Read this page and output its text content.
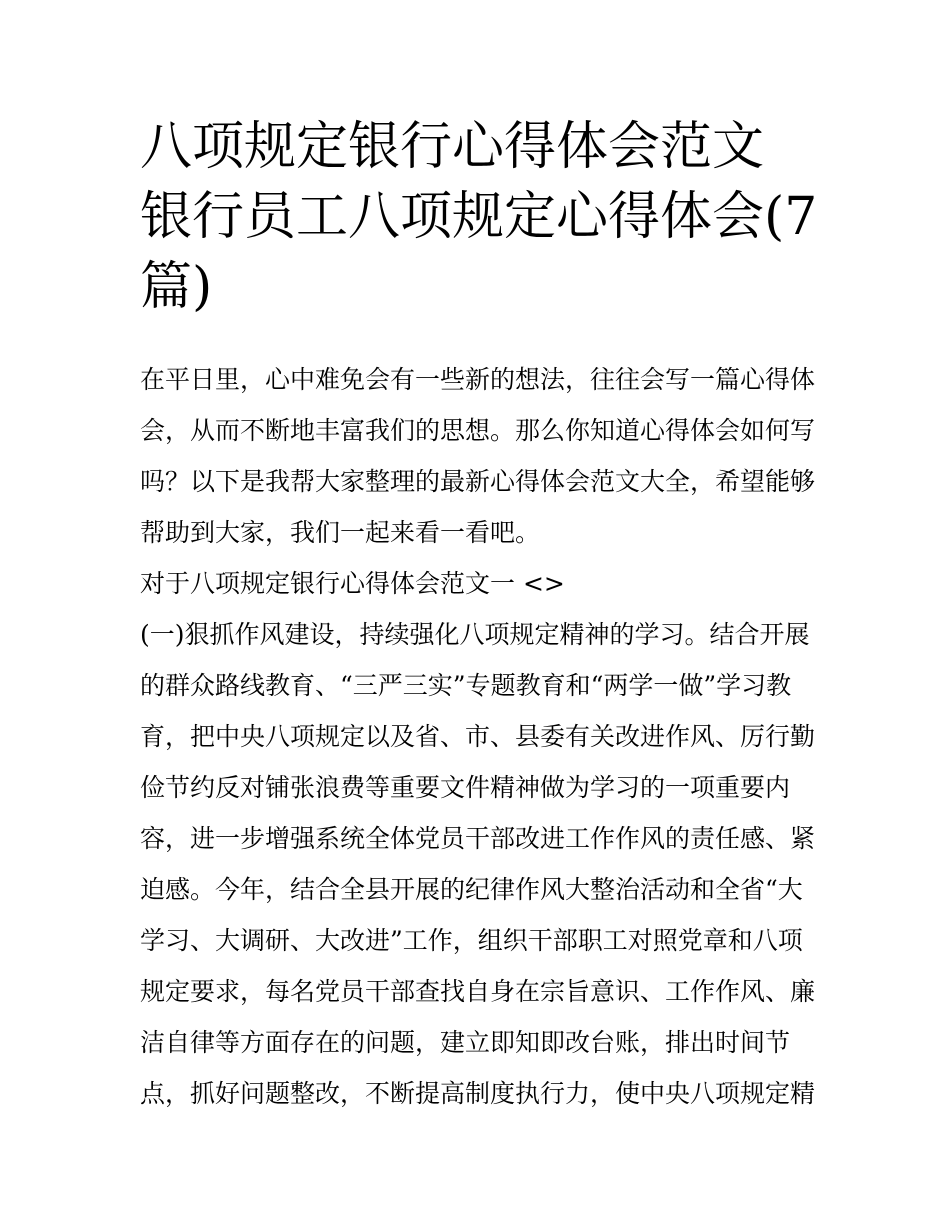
八项规定银行心得体会范文 银行员工八项规定心得体会(7篇)

在平日里，心中难免会有一些新的想法，往往会写一篇心得体会，从而不断地丰富我们的思想。那么你知道心得体会如何写吗？以下是我帮大家整理的最新心得体会范文大全，希望能够帮助到大家，我们一起来看一看吧。

对于八项规定银行心得体会范文一 <>

(一)狠抓作风建设，持续强化八项规定精神的学习。结合开展的群众路线教育、“三严三实”专题教育和“两学一做”学习教育，把中央八项规定以及省、市、县委有关改进作风、厉行勤俭节约反对铺张浪费等重要文件精神做为学习的一项重要内容，进一步增强系统全体党员干部改进工作作风的责任感、紧迫感。今年，结合全县开展的纪律作风大整治活动和全省“大学习、大调研、大改进”工作，组织干部职工对照党章和八项规定要求，每名党员干部查找自身在宗旨意识、工作作风、廉洁自律等方面存在的问题，建立即知即改台账，排出时间节点，抓好问题整改，不断提高制度执行力，使中央八项规定精
